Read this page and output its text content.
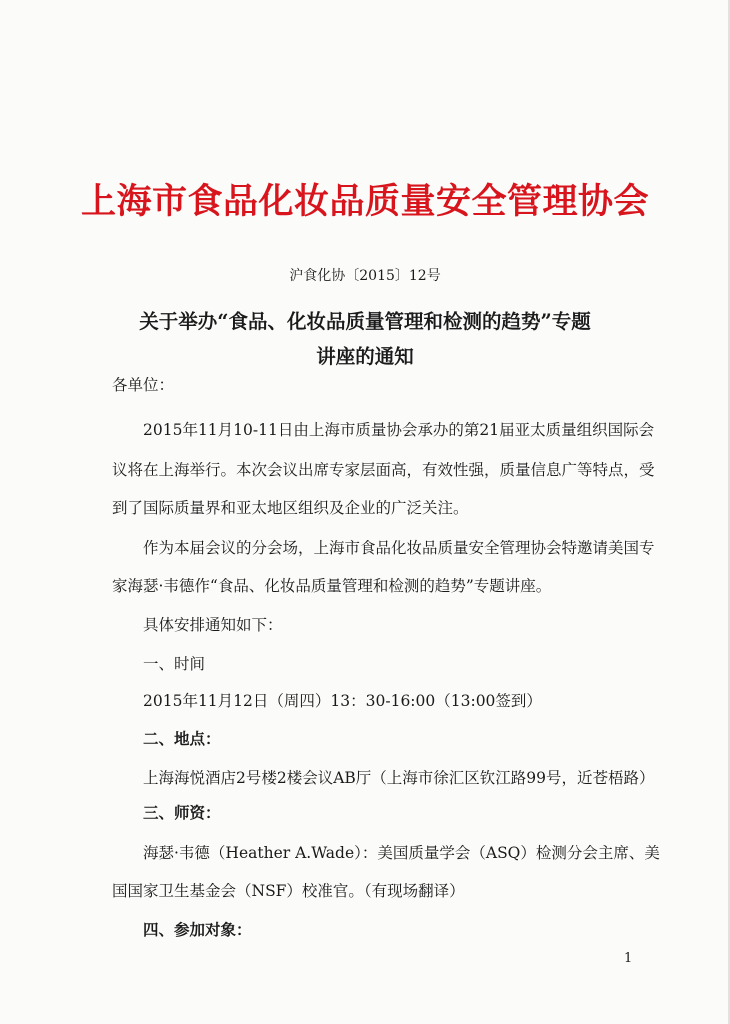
上海市食品化妆品质量安全管理协会
沪食化协〔2015〕12号
关于举办“食品、化妆品质量管理和检测的趋势”专题
讲座的通知
各单位：
2015年11月10-11日由上海市质量协会承办的第21届亚太质量组织国际会
议将在上海举行。本次会议出席专家层面高，有效性强，质量信息广等特点，受
到了国际质量界和亚太地区组织及企业的广泛关注。
作为本届会议的分会场，上海市食品化妆品质量安全管理协会特邀请美国专
家海瑟·韦德作“食品、化妆品质量管理和检测的趋势”专题讲座。
具体安排通知如下：
一、时间
2015年11月12日（周四）13：30-16:00（13:00签到）
二、地点：
上海海悦酒店2号楼2楼会议AB厅（上海市徐汇区钦江路99号，近苍梧路）
三、师资：
海瑟·韦德（Heather A.Wade）：美国质量学会（ASQ）检测分会主席、美
国国家卫生基金会（NSF）校准官。（有现场翻译）
四、参加对象：
1
